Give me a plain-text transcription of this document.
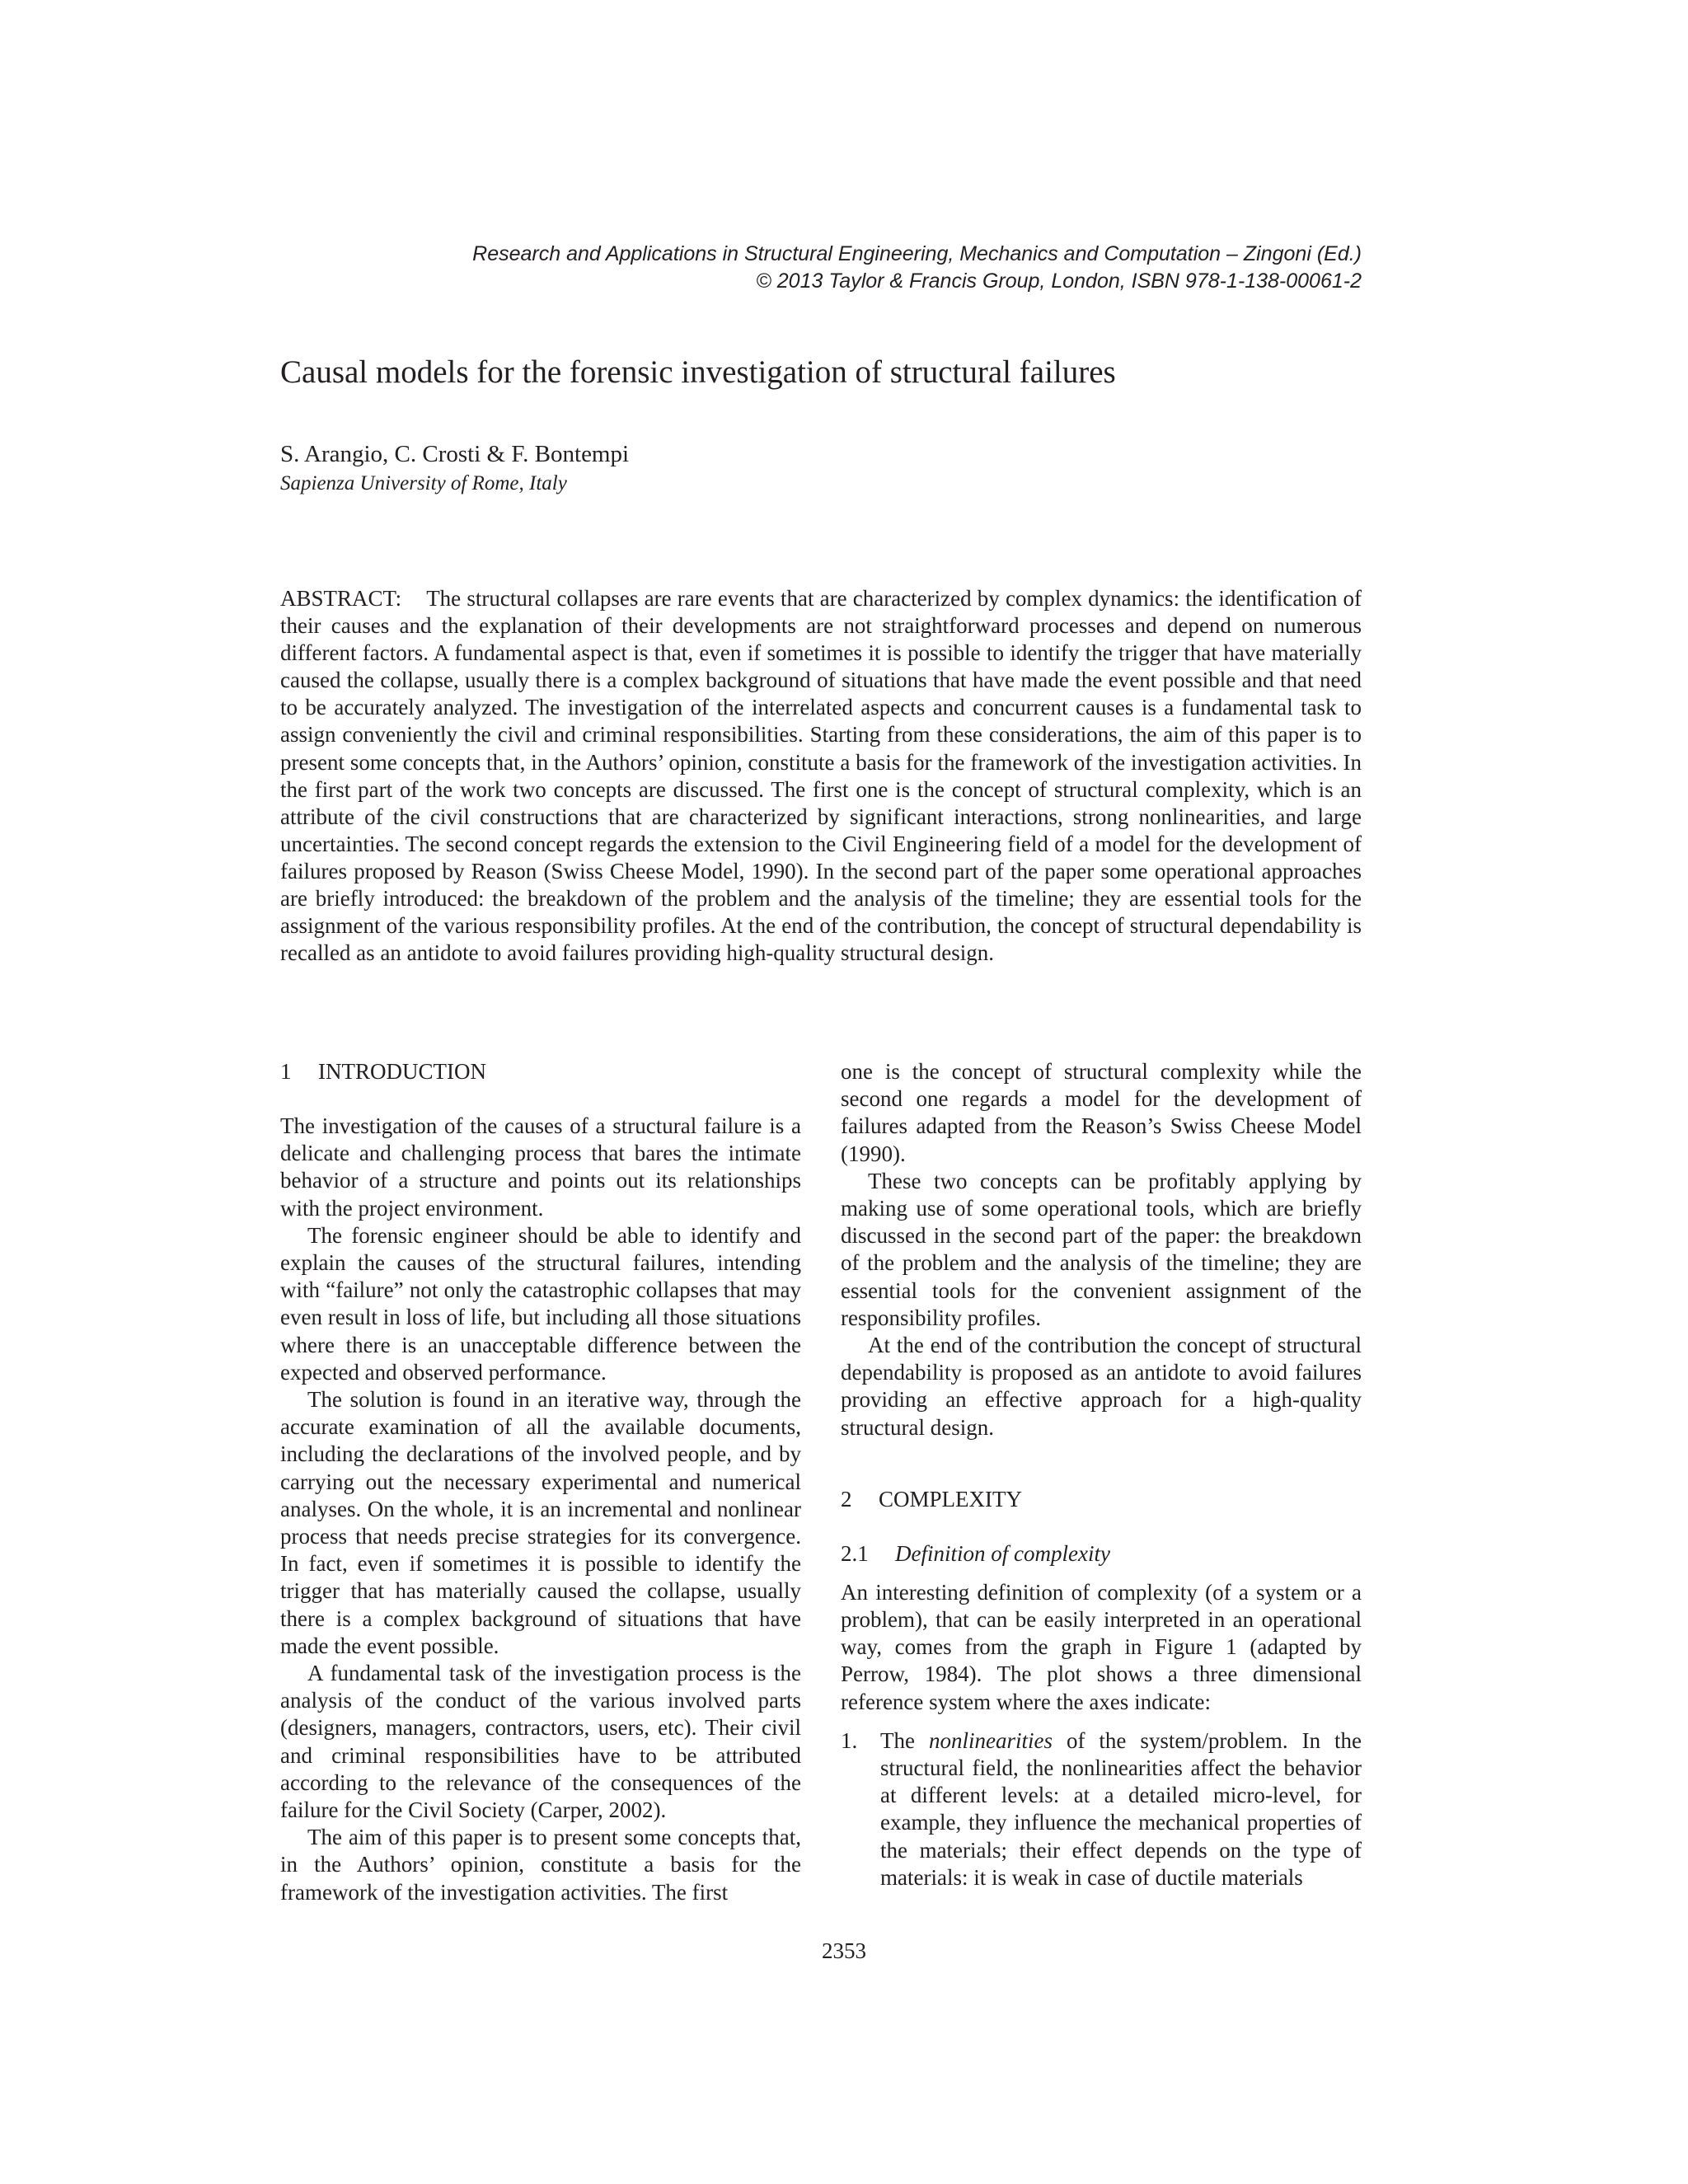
Research and Applications in Structural Engineering, Mechanics and Computation – Zingoni (Ed.)
© 2013 Taylor & Francis Group, London, ISBN 978-1-138-00061-2
Causal models for the forensic investigation of structural failures
S. Arangio, C. Crosti & F. Bontempi
Sapienza University of Rome, Italy
ABSTRACT: The structural collapses are rare events that are characterized by complex dynamics: the identification of their causes and the explanation of their developments are not straightforward processes and depend on numerous different factors. A fundamental aspect is that, even if sometimes it is possible to identify the trigger that have materially caused the collapse, usually there is a complex background of situations that have made the event possible and that need to be accurately analyzed. The investigation of the interrelated aspects and concurrent causes is a fundamental task to assign conveniently the civil and criminal responsibilities. Starting from these considerations, the aim of this paper is to present some concepts that, in the Authors’ opinion, constitute a basis for the framework of the investigation activities. In the first part of the work two concepts are discussed. The first one is the concept of structural complexity, which is an attribute of the civil constructions that are characterized by significant interactions, strong nonlinearities, and large uncertainties. The second concept regards the extension to the Civil Engineering field of a model for the development of failures proposed by Reason (Swiss Cheese Model, 1990). In the second part of the paper some operational approaches are briefly introduced: the breakdown of the problem and the analysis of the timeline; they are essential tools for the assignment of the various responsibility profiles. At the end of the contribution, the concept of structural dependability is recalled as an antidote to avoid failures providing high-quality structural design.
1 INTRODUCTION

The investigation of the causes of a structural failure is a delicate and challenging process that bares the intimate behavior of a structure and points out its relationships with the project environment.

The forensic engineer should be able to identify and explain the causes of the structural failures, intending with “failure” not only the catastrophic collapses that may even result in loss of life, but including all those situations where there is an unacceptable difference between the expected and observed performance.

The solution is found in an iterative way, through the accurate examination of all the available documents, including the declarations of the involved people, and by carrying out the necessary experimental and numerical analyses. On the whole, it is an incremental and nonlinear process that needs precise strategies for its convergence. In fact, even if sometimes it is possible to identify the trigger that has materially caused the collapse, usually there is a complex background of situations that have made the event possible.

A fundamental task of the investigation process is the analysis of the conduct of the various involved parts (designers, managers, contractors, users, etc). Their civil and criminal responsibilities have to be attributed according to the relevance of the consequences of the failure for the Civil Society (Carper, 2002).

The aim of this paper is to present some concepts that, in the Authors’ opinion, constitute a basis for the framework of the investigation activities. The first

one is the concept of structural complexity while the second one regards a model for the development of failures adapted from the Reason’s Swiss Cheese Model (1990).

These two concepts can be profitably applying by making use of some operational tools, which are briefly discussed in the second part of the paper: the breakdown of the problem and the analysis of the timeline; they are essential tools for the convenient assignment of the responsibility profiles.

At the end of the contribution the concept of structural dependability is proposed as an antidote to avoid failures providing an effective approach for a high-quality structural design.

2 COMPLEXITY
2.1 Definition of complexity

An interesting definition of complexity (of a system or a problem), that can be easily interpreted in an operational way, comes from the graph in Figure 1 (adapted by Perrow, 1984). The plot shows a three dimensional reference system where the axes indicate:

1. The nonlinearities of the system/problem. In the structural field, the nonlinearities affect the behavior at different levels: at a detailed micro-level, for example, they influence the mechanical properties of the materials; their effect depends on the type of materials: it is weak in case of ductile materials
2353
